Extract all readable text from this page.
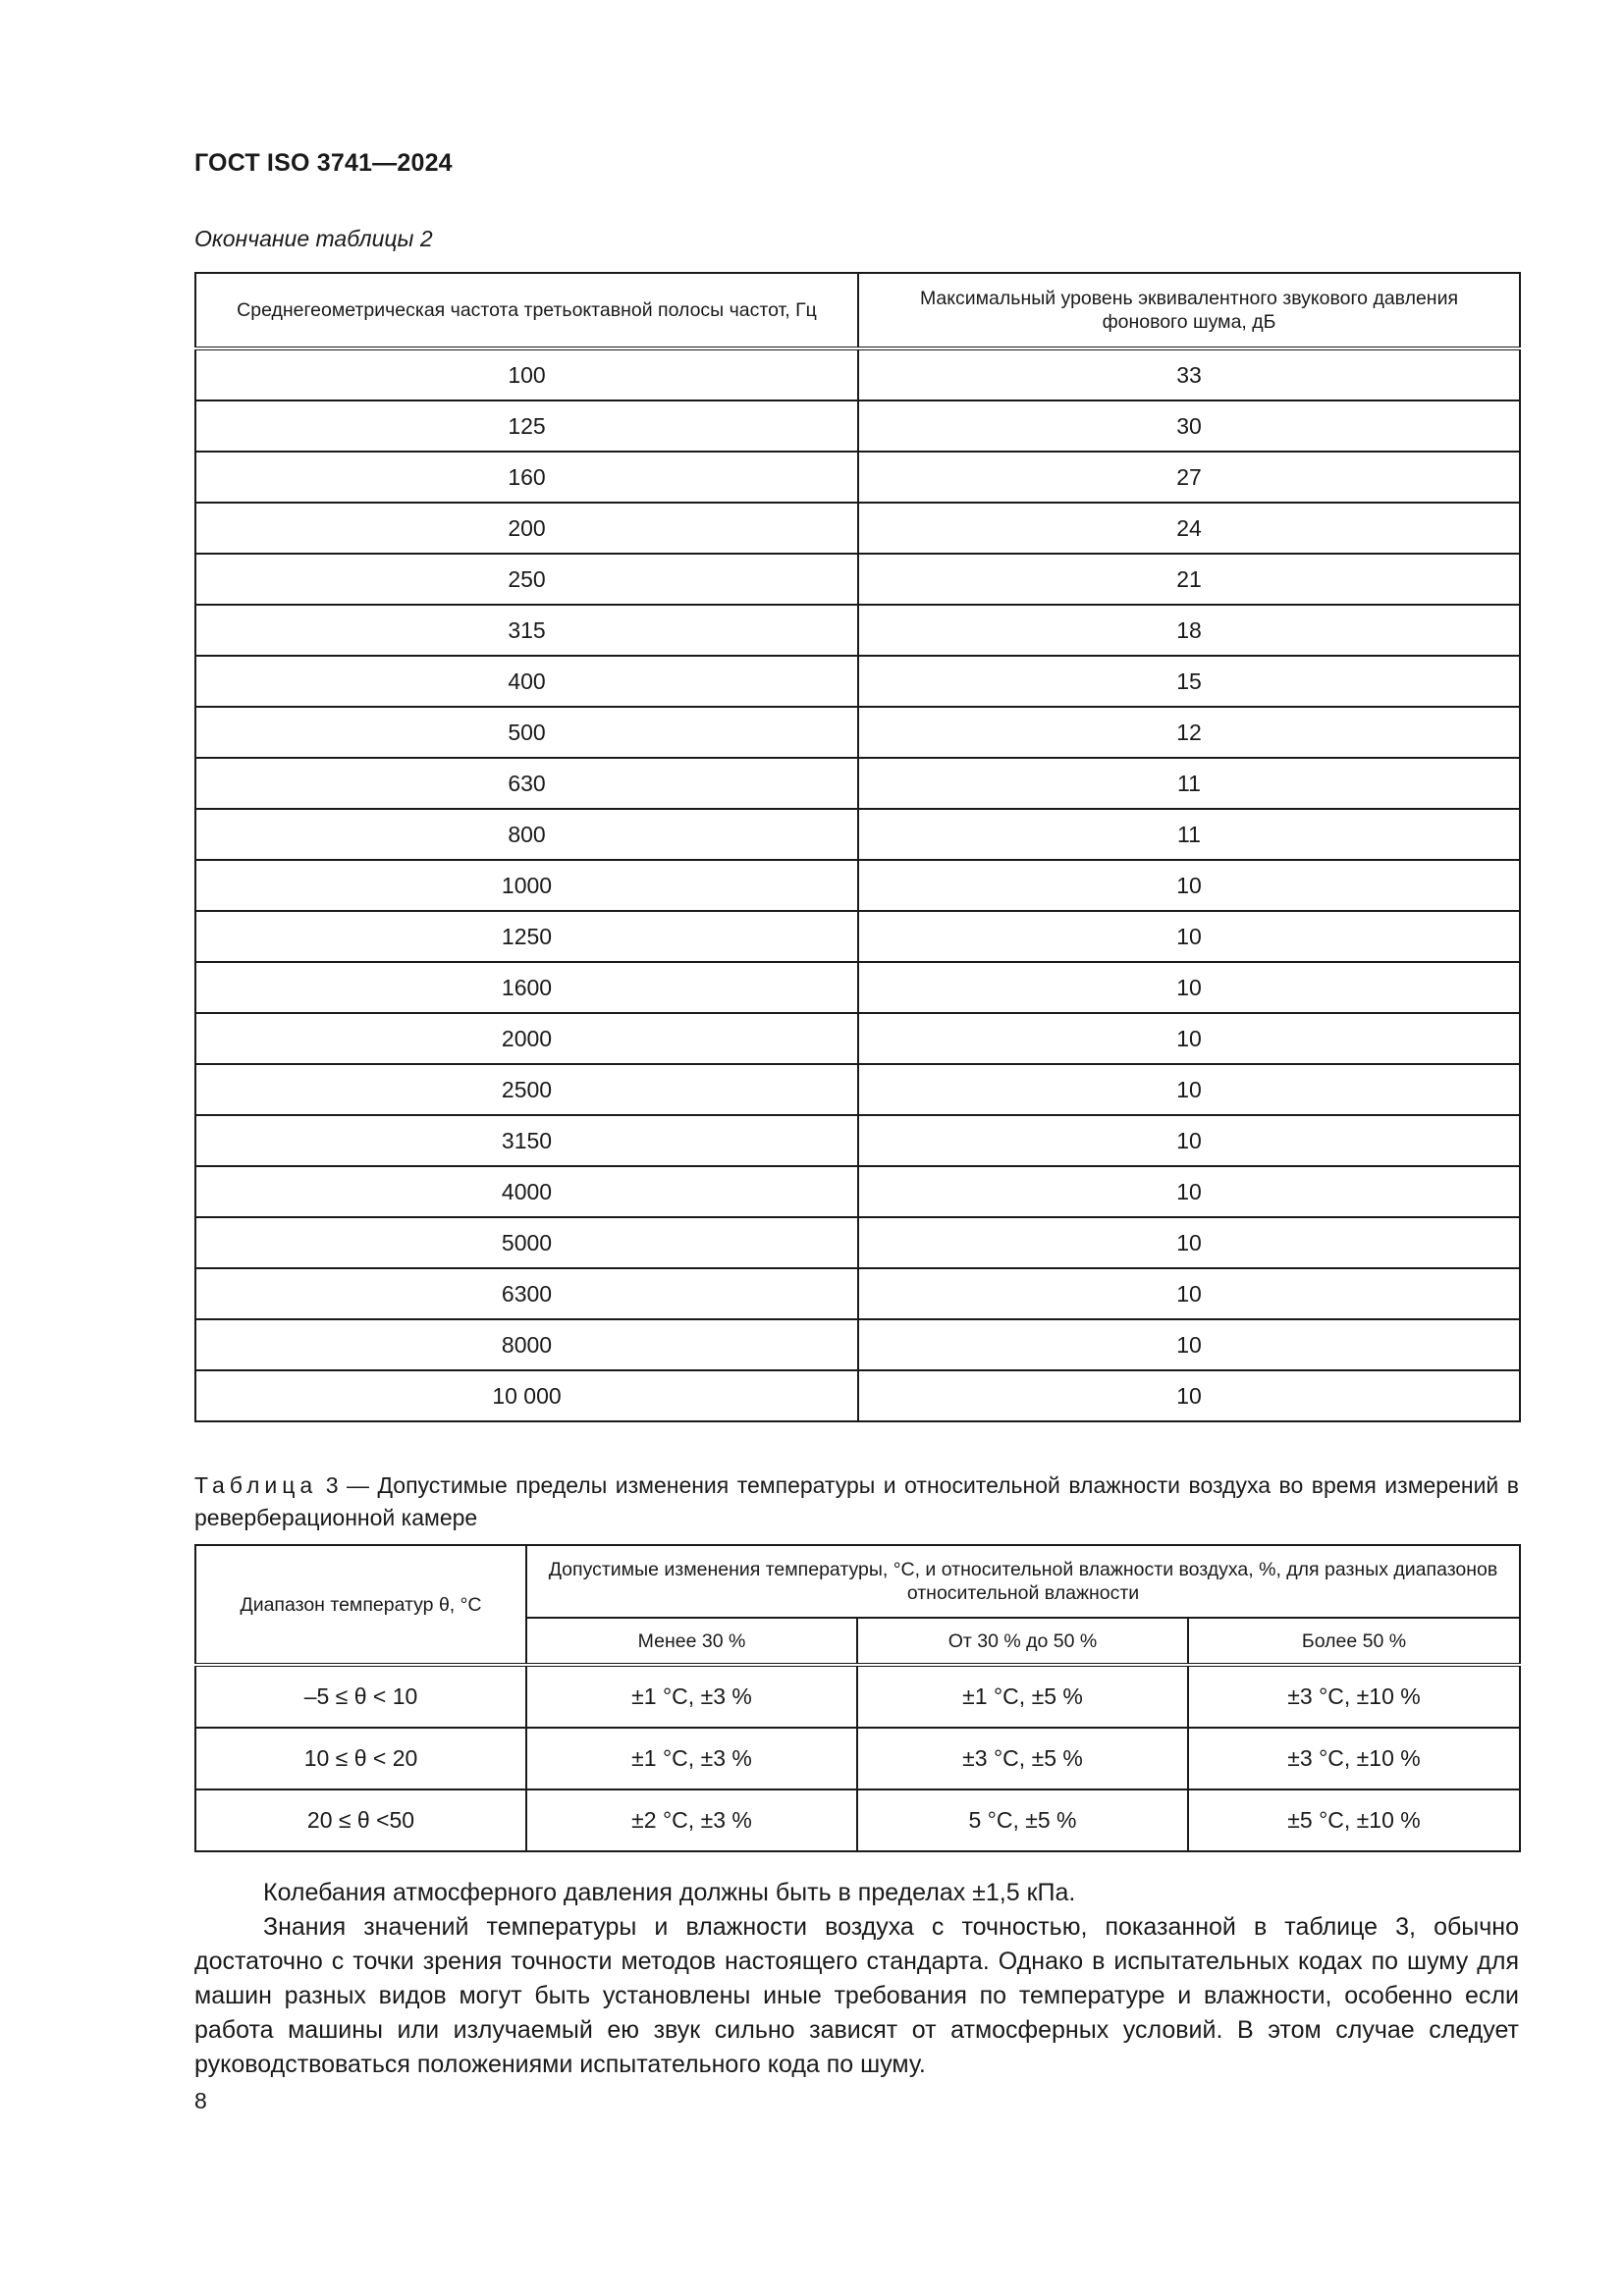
ГОСТ ISO 3741—2024
Окончание таблицы 2
Среднегеометрическая частота третьоктавной полосы частот, Гц	Максимальный уровень эквивалентного звукового давления фонового шума, дБ
100	33
125	30
160	27
200	24
250	21
315	18
400	15
500	12
630	11
800	11
1000	10
1250	10
1600	10
2000	10
2500	10
3150	10
4000	10
5000	10
6300	10
8000	10
10 000	10
Таблица 3 — Допустимые пределы изменения температуры и относительной влажности воздуха во время измерений в реверберационной камере
Диапазон температур θ, °С	Допустимые изменения температуры, °С, и относительной влажности воздуха, %, для разных диапазонов относительной влажности		
	Менее 30 %	От 30 % до 50 %	Более 50 %
–5 ≤ θ < 10	±1 °С, ±3 %	±1 °С, ±5 %	±3 °С, ±10 %
10 ≤ θ < 20	±1 °С, ±3 %	±3 °С, ±5 %	±3 °С, ±10 %
20 ≤ θ <50	±2 °С, ±3 %	5 °С, ±5 %	±5 °С, ±10 %

Колебания атмосферного давления должны быть в пределах ±1,5 кПа.

Знания значений температуры и влажности воздуха с точностью, показанной в таблице 3, обычно достаточно с точки зрения точности методов настоящего стандарта. Однако в испытательных кодах по шуму для машин разных видов могут быть установлены иные требования по температуре и влажности, особенно если работа машины или излучаемый ею звук сильно зависят от атмосферных условий. В этом случае следует руководствоваться положениями испытательного кода по шуму.

8
